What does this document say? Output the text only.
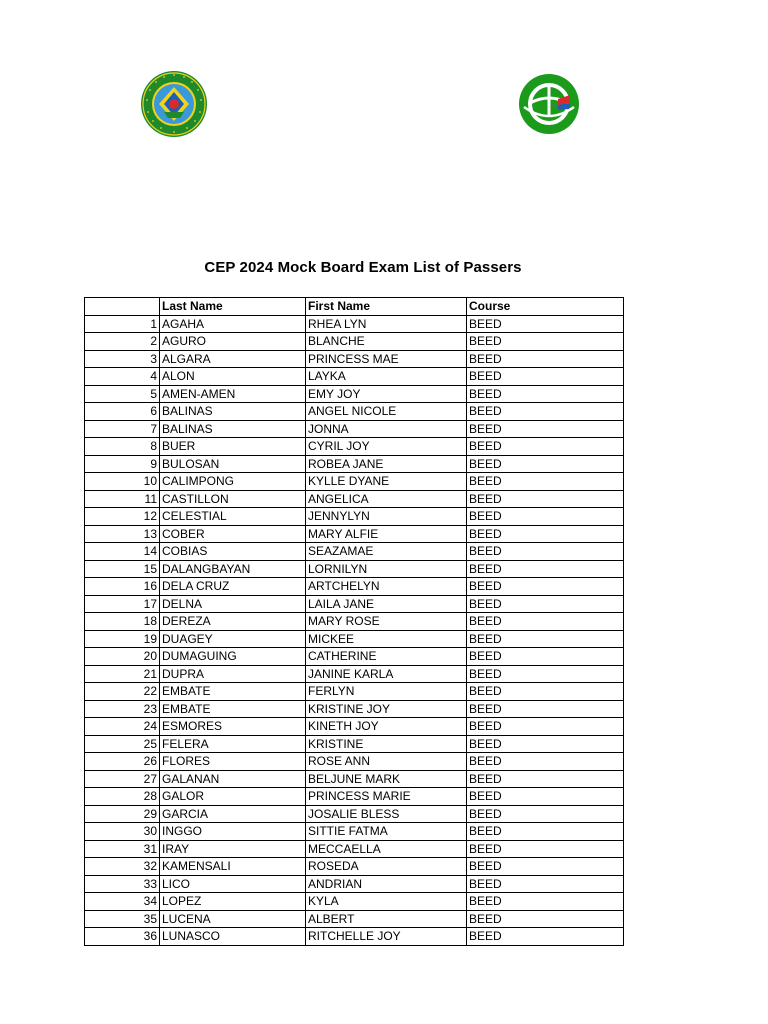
CEP 2024 Mock Board Exam List of Passers
	Last Name	First Name	Course
1	AGAHA	RHEA LYN	BEED
2	AGURO	BLANCHE	BEED
3	ALGARA	PRINCESS MAE	BEED
4	ALON	LAYKA	BEED
5	AMEN-AMEN	EMY JOY	BEED
6	BALINAS	ANGEL NICOLE	BEED
7	BALINAS	JONNA	BEED
8	BUER	CYRIL JOY	BEED
9	BULOSAN	ROBEA JANE	BEED
10	CALIMPONG	KYLLE DYANE	BEED
11	CASTILLON	ANGELICA	BEED
12	CELESTIAL	JENNYLYN	BEED
13	COBER	MARY ALFIE	BEED
14	COBIAS	SEAZAMAE	BEED
15	DALANGBAYAN	LORNILYN	BEED
16	DELA CRUZ	ARTCHELYN	BEED
17	DELNA	LAILA JANE	BEED
18	DEREZA	MARY ROSE	BEED
19	DUAGEY	MICKEE	BEED
20	DUMAGUING	CATHERINE	BEED
21	DUPRA	JANINE KARLA	BEED
22	EMBATE	FERLYN	BEED
23	EMBATE	KRISTINE JOY	BEED
24	ESMORES	KINETH JOY	BEED
25	FELERA	KRISTINE	BEED
26	FLORES	ROSE ANN	BEED
27	GALANAN	BELJUNE MARK	BEED
28	GALOR	PRINCESS MARIE	BEED
29	GARCIA	JOSALIE BLESS	BEED
30	INGGO	SITTIE FATMA	BEED
31	IRAY	MECCAELLA	BEED
32	KAMENSALI	ROSEDA	BEED
33	LICO	ANDRIAN	BEED
34	LOPEZ	KYLA	BEED
35	LUCENA	ALBERT	BEED
36	LUNASCO	RITCHELLE JOY	BEED
